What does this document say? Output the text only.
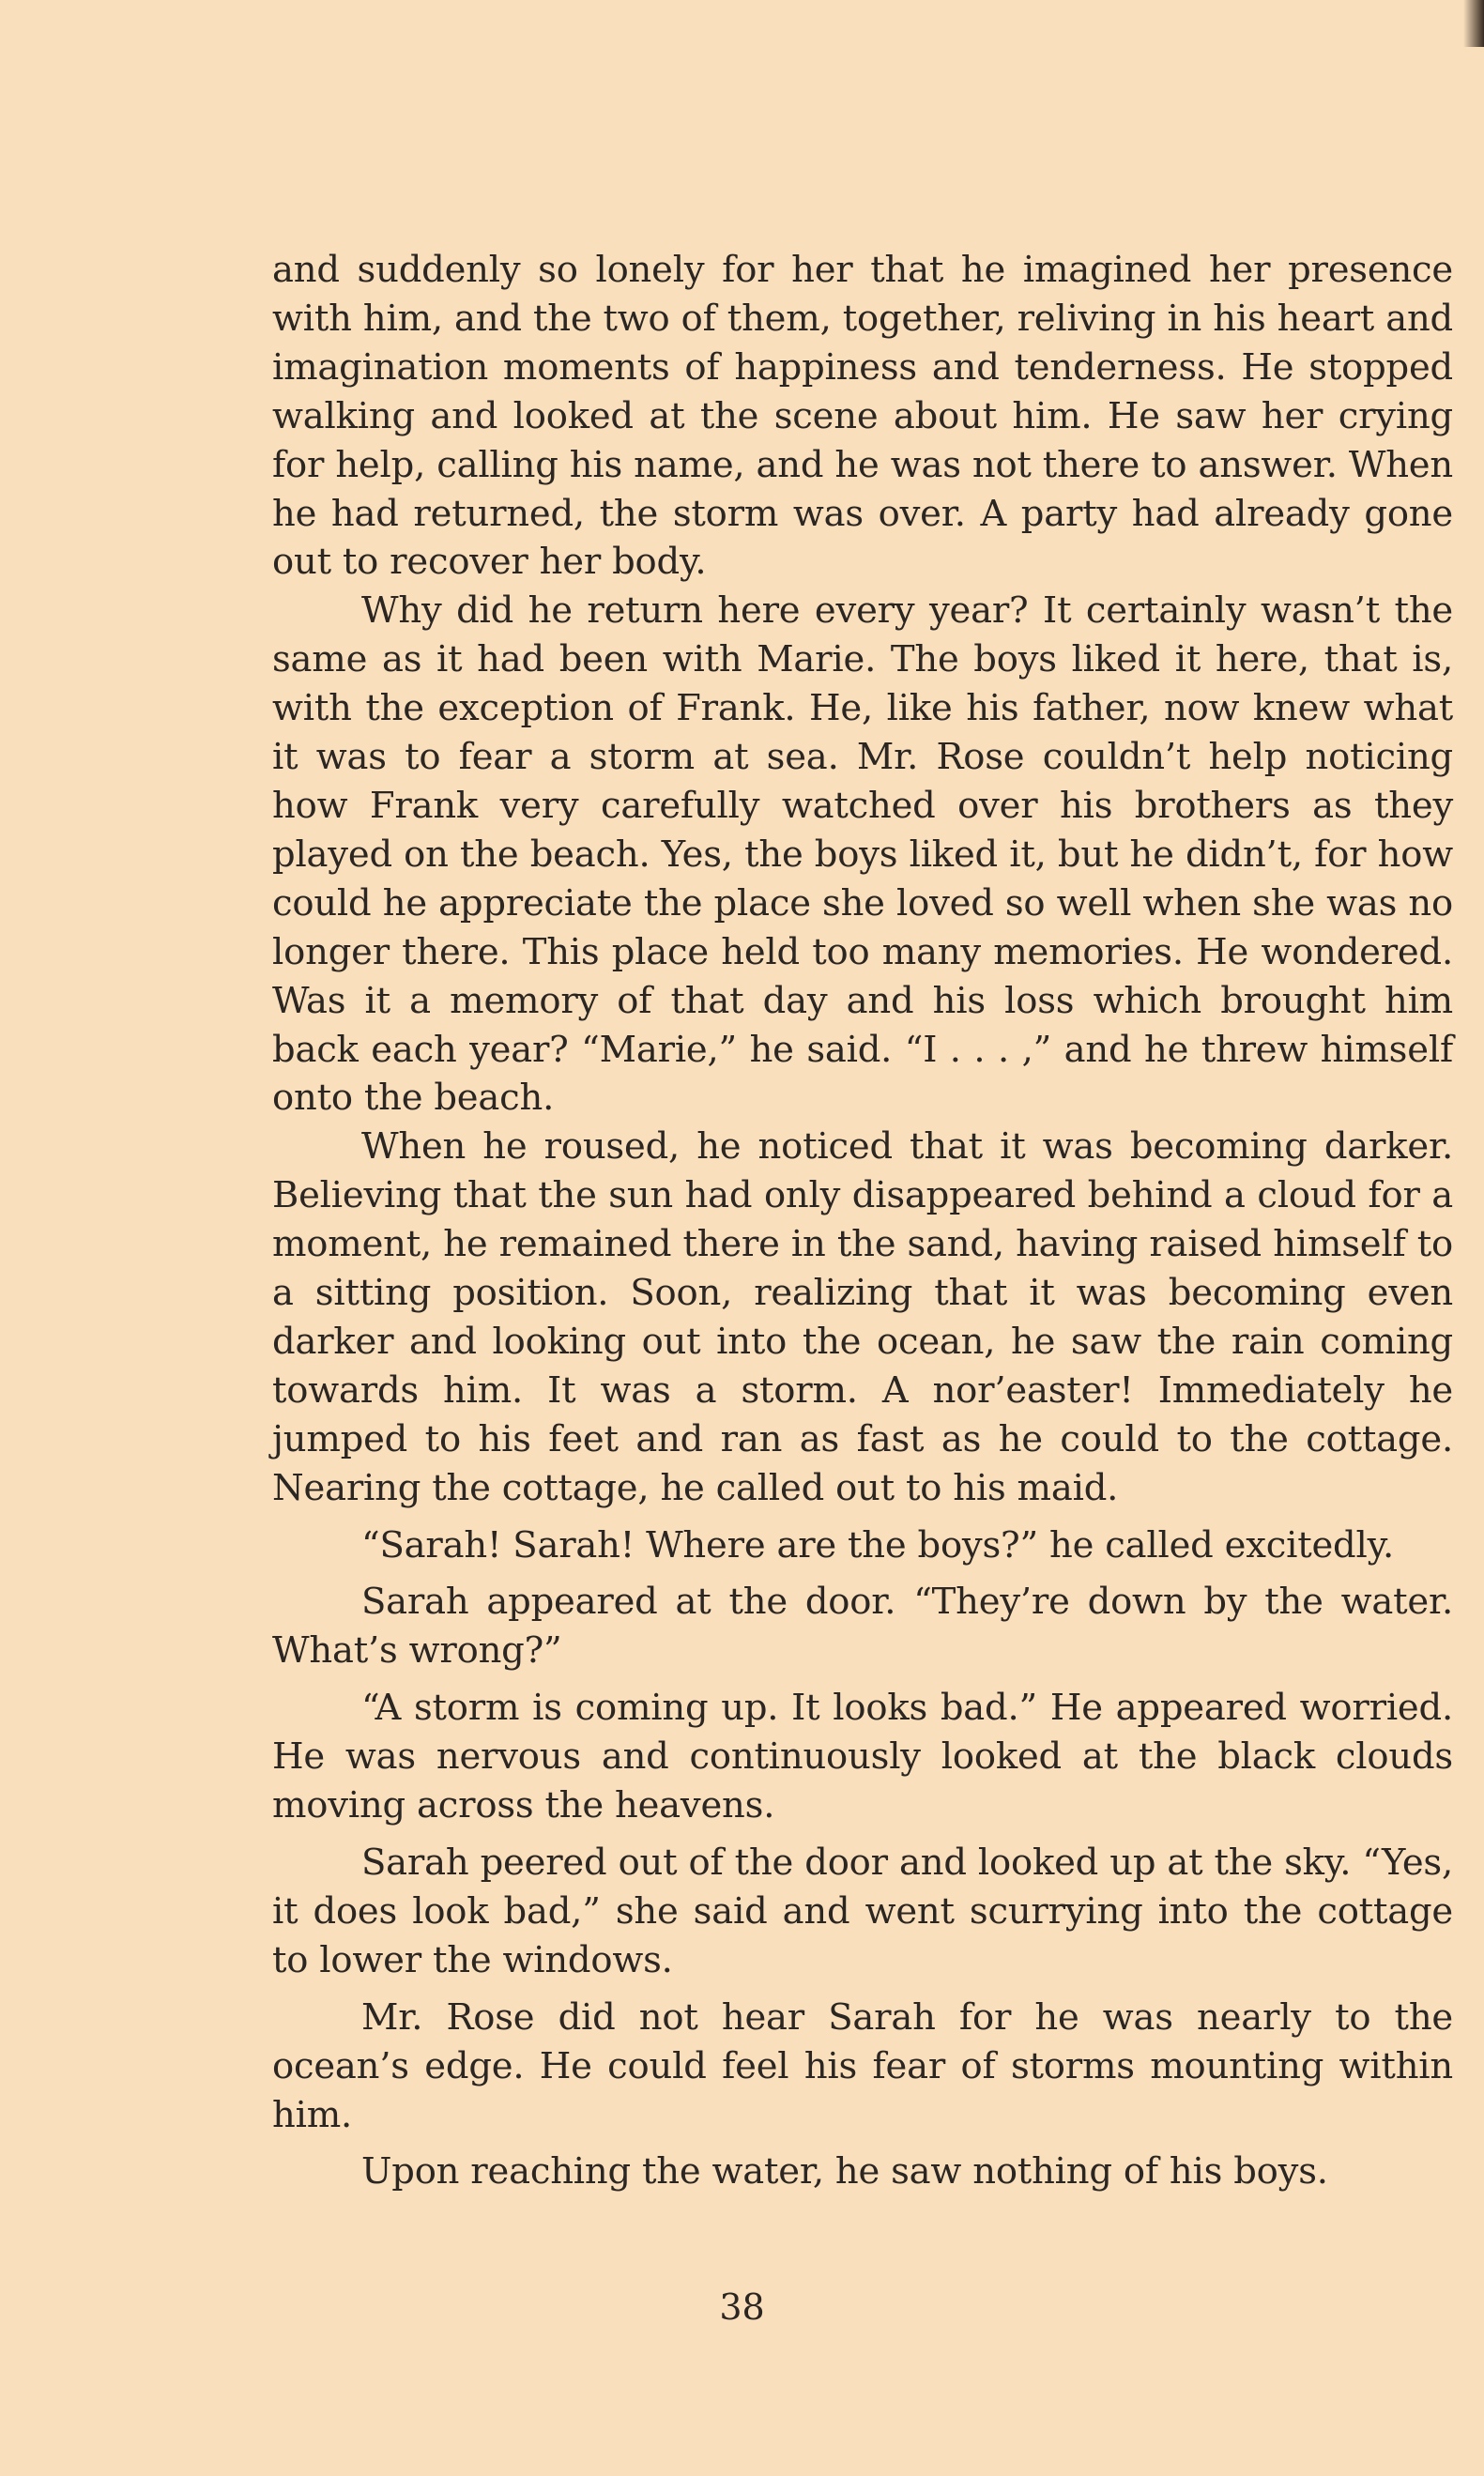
and suddenly so lonely for her that he imagined her presence with him, and the two of them, together, reliving in his heart and imagination moments of happiness and tenderness. He stopped walking and looked at the scene about him. He saw her crying for help, calling his name, and he was not there to answer. When he had returned, the storm was over. A party had already gone out to recover her body.

Why did he return here every year? It certainly wasn’t the same as it had been with Marie. The boys liked it here, that is, with the exception of Frank. He, like his father, now knew what it was to fear a storm at sea. Mr. Rose couldn’t help noticing how Frank very carefully watched over his brothers as they played on the beach. Yes, the boys liked it, but he didn’t, for how could he appreciate the place she loved so well when she was no longer there. This place held too many memories. He wondered. Was it a memory of that day and his loss which brought him back each year? “Marie,” he said. “I . . . ,” and he threw himself onto the beach.

When he roused, he noticed that it was becoming darker. Believing that the sun had only disappeared behind a cloud for a moment, he remained there in the sand, having raised himself to a sitting position. Soon, realizing that it was becoming even darker and looking out into the ocean, he saw the rain coming towards him. It was a storm. A nor’easter! Immediately he jumped to his feet and ran as fast as he could to the cottage. Nearing the cottage, he called out to his maid.

“Sarah! Sarah! Where are the boys?” he called excitedly.

Sarah appeared at the door. “They’re down by the water. What’s wrong?”

“A storm is coming up. It looks bad.” He appeared worried. He was nervous and continuously looked at the black clouds moving across the heavens.

Sarah peered out of the door and looked up at the sky. “Yes, it does look bad,” she said and went scurrying into the cottage to lower the windows.

Mr. Rose did not hear Sarah for he was nearly to the ocean’s edge. He could feel his fear of storms mounting within him.

Upon reaching the water, he saw nothing of his boys.

38
